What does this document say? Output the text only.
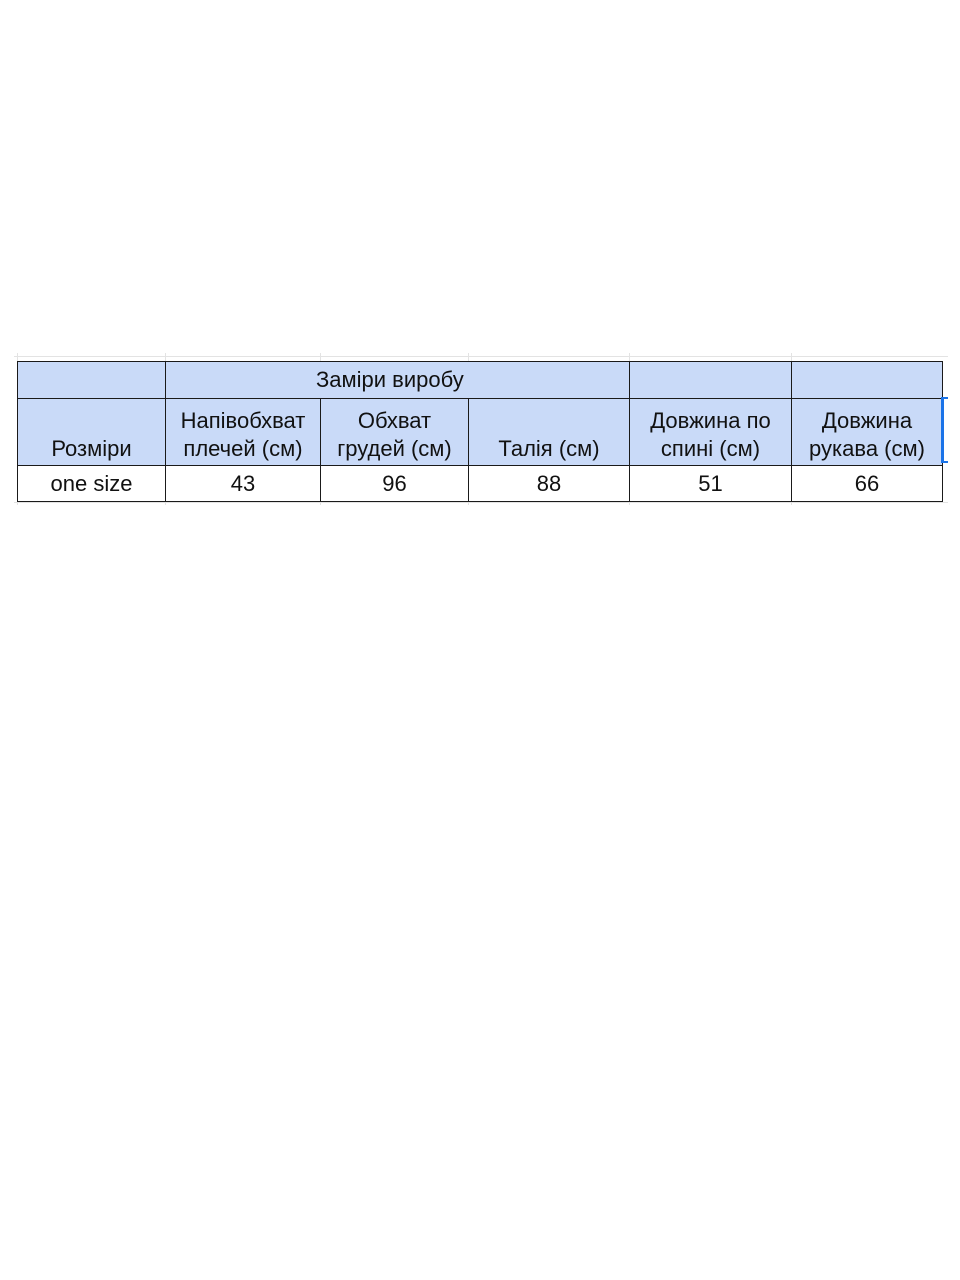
	Заміри виробу				
Розміри	Напівобхват плечей (см)	Обхват грудей (см)	Талія (см)	Довжина по спині (см)	Довжина рукава (см)
one size	43	96	88	51	66
